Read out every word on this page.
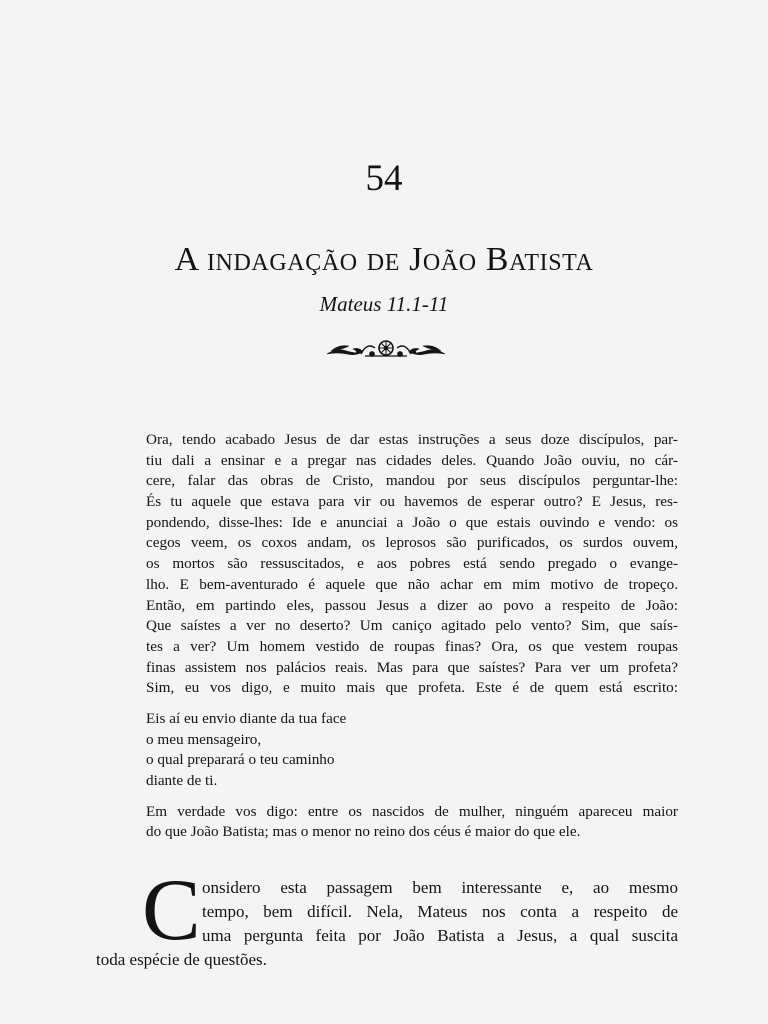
54
A indagação de João Batista
Mateus 11.1-11

Ora, tendo acabado Jesus de dar estas instruções a seus doze discípulos, par-
tiu dali a ensinar e a pregar nas cidades deles. Quando João ouviu, no cár-
cere, falar das obras de Cristo, mandou por seus discípulos perguntar-lhe:
És tu aquele que estava para vir ou havemos de esperar outro? E Jesus, res-
pondendo, disse-lhes: Ide e anunciai a João o que estais ouvindo e vendo: os
cegos veem, os coxos andam, os leprosos são purificados, os surdos ouvem,
os mortos são ressuscitados, e aos pobres está sendo pregado o evange-
lho. E bem-aventurado é aquele que não achar em mim motivo de tropeço.
Então, em partindo eles, passou Jesus a dizer ao povo a respeito de João:
Que saístes a ver no deserto? Um caniço agitado pelo vento? Sim, que saís-
tes a ver? Um homem vestido de roupas finas? Ora, os que vestem roupas
finas assistem nos palácios reais. Mas para que saístes? Para ver um profeta?
Sim, eu vos digo, e muito mais que profeta. Este é de quem está escrito:

Eis aí eu envio diante da tua face
o meu mensageiro,
o qual preparará o teu caminho
diante de ti.

Em verdade vos digo: entre os nascidos de mulher, ninguém apareceu maior
do que João Batista; mas o menor no reino dos céus é maior do que ele.

C onsidero esta passagem bem interessante e, ao mesmo
tempo, bem difícil. Nela, Mateus nos conta a respeito de
uma pergunta feita por João Batista a Jesus, a qual suscita
toda espécie de questões.
